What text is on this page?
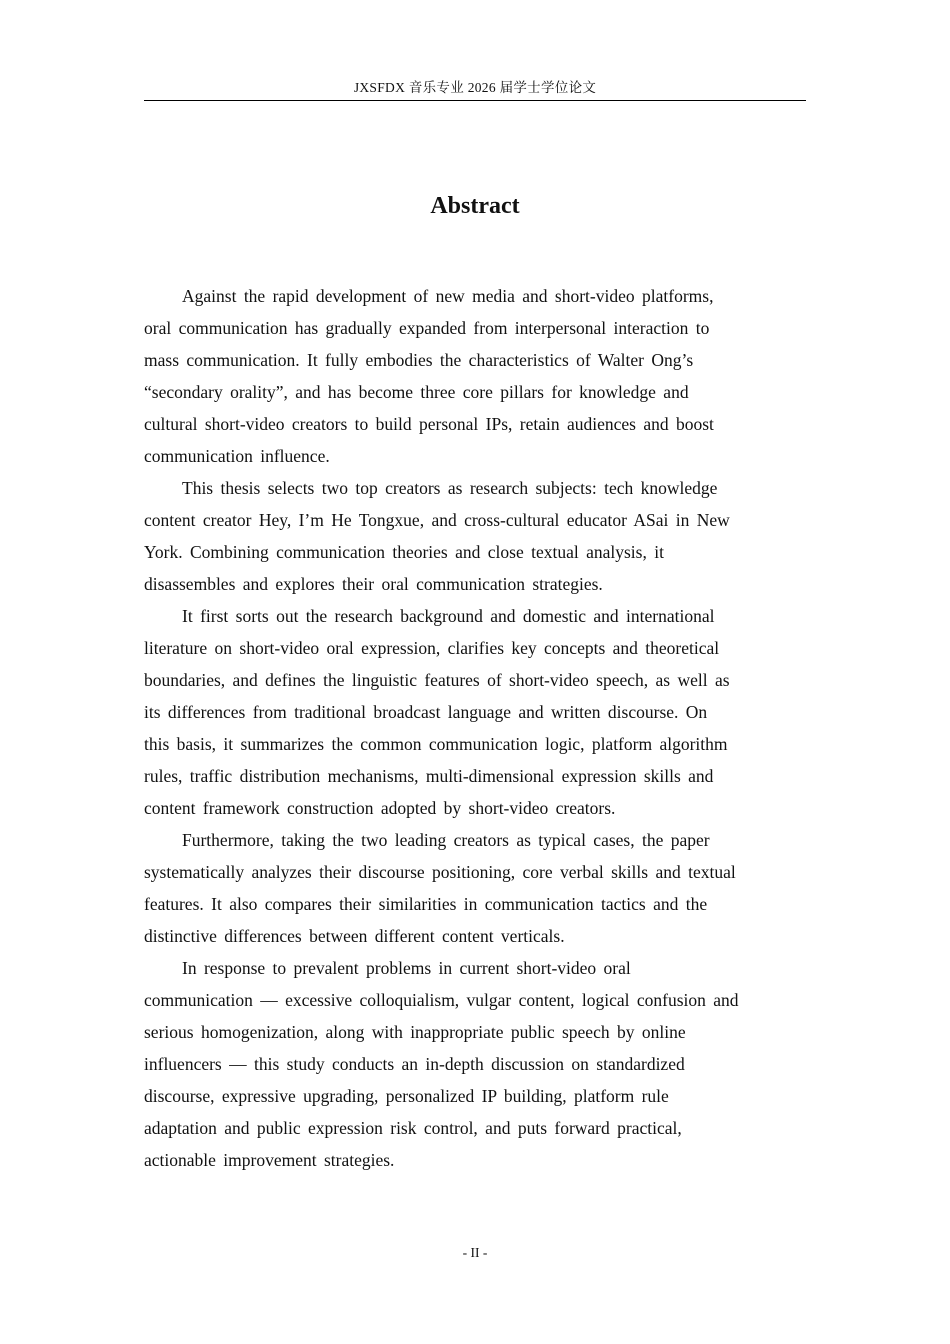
JXSFDX 音乐专业 2026 届学士学位论文
Abstract

Against the rapid development of new media and short-video platforms,
oral communication has gradually expanded from interpersonal interaction to
mass communication. It fully embodies the characteristics of Walter Ong’s
“secondary orality”, and has become three core pillars for knowledge and
cultural short-video creators to build personal IPs, retain audiences and boost
communication influence.

This thesis selects two top creators as research subjects: tech knowledge
content creator Hey, I’m He Tongxue, and cross-cultural educator ASai in New
York. Combining communication theories and close textual analysis, it
disassembles and explores their oral communication strategies.

It first sorts out the research background and domestic and international
literature on short-video oral expression, clarifies key concepts and theoretical
boundaries, and defines the linguistic features of short-video speech, as well as
its differences from traditional broadcast language and written discourse. On
this basis, it summarizes the common communication logic, platform algorithm
rules, traffic distribution mechanisms, multi-dimensional expression skills and
content framework construction adopted by short-video creators.

Furthermore, taking the two leading creators as typical cases, the paper
systematically analyzes their discourse positioning, core verbal skills and textual
features. It also compares their similarities in communication tactics and the
distinctive differences between different content verticals.

In response to prevalent problems in current short-video oral
communication — excessive colloquialism, vulgar content, logical confusion and
serious homogenization, along with inappropriate public speech by online
influencers — this study conducts an in-depth discussion on standardized
discourse, expressive upgrading, personalized IP building, platform rule
adaptation and public expression risk control, and puts forward practical,
actionable improvement strategies.

- II -
